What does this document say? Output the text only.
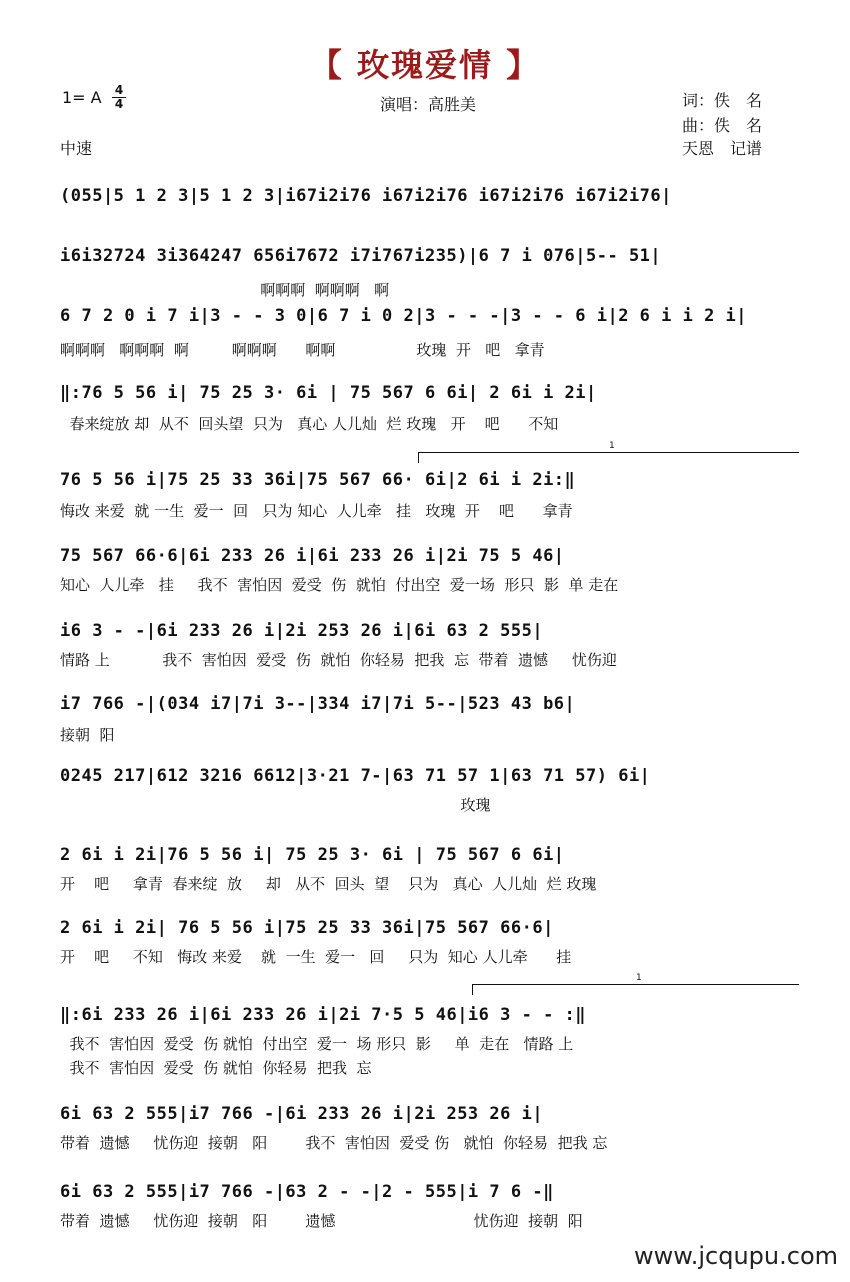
【 玫瑰爱情 】
1= A 4
4	演唱：高胜美	词：佚　名
曲：佚　名
天恩　记谱
中速
(055|5 1 2 3|5 1 2 3|i67i2i76 i67i2i76 i67i2i76 i67i2i76|
i6i32724 3i364247 656i7672 i7i767i235)|6 7 i 076|5-- 51|
啊啊啊  啊啊啊   啊
6 7 2 0 i 7 i|3 - - 3 0|6 7 i 0 2|3 - - -|3 - - 6 i|2 6 i i 2 i|
啊啊啊   啊啊啊  啊         啊啊啊      啊啊                 玫瑰  开   吧   拿青
‖:76 5 56 i| 75 25 3· 6i | 75 567 6 6i| 2 6i i 2i|
春来绽放 却  从不  回头望  只为   真心 人儿灿  烂 玫瑰   开    吧      不知
1
76 5 56 i|75 25 33 36i|75 567 66· 6i|2 6i i 2i:‖
悔改 来爱  就 一生  爱一  回   只为 知心  人儿牵   挂   玫瑰  开    吧      拿青
75 567 66·6|6i 233 26 i|6i 233 26 i|2i 75 5 46|
知心  人儿牵   挂     我不  害怕因  爱受  伤  就怕  付出空  爱一场  形只  影  单 走在
i6 3 - -|6i 233 26 i|2i 253 26 i|6i 63 2 555|
情路 上           我不  害怕因  爱受  伤  就怕  你轻易  把我  忘  带着  遗憾     忧伤迎
i7 766 -|(034 i7|7i 3--|334 i7|7i 5--|523 43 b6|
接朝  阳
0245 217|612 3216 6612|3·21 7-|63 71 57 1|63 71 57) 6i|
玫瑰
2 6i i 2i|76 5 56 i| 75 25 3· 6i | 75 567 6 6i|
开    吧     拿青  春来绽  放     却   从不  回头  望    只为   真心  人儿灿  烂 玫瑰
2 6i i 2i| 76 5 56 i|75 25 33 36i|75 567 66·6|
开    吧     不知   悔改 来爱    就  一生  爱一   回     只为  知心 人儿牵      挂
1
‖:6i 233 26 i|6i 233 26 i|2i 7·5 5 46|i6 3 - - :‖
我不  害怕因  爱受  伤 就怕  付出空  爱一  场 形只  影     单  走在   情路 上
我不  害怕因  爱受  伤 就怕  你轻易  把我  忘
6i 63 2 555|i7 766 -|6i 233 26 i|2i 253 26 i|
带着  遗憾     忧伤迎  接朝   阳        我不  害怕因  爱受 伤   就怕  你轻易  把我 忘
6i 63 2 555|i7 766 -|63 2 - -|2 - 555|i 7 6 -‖
带着  遗憾     忧伤迎  接朝   阳        遗憾                             忧伤迎  接朝  阳
www.jcqupu.com
